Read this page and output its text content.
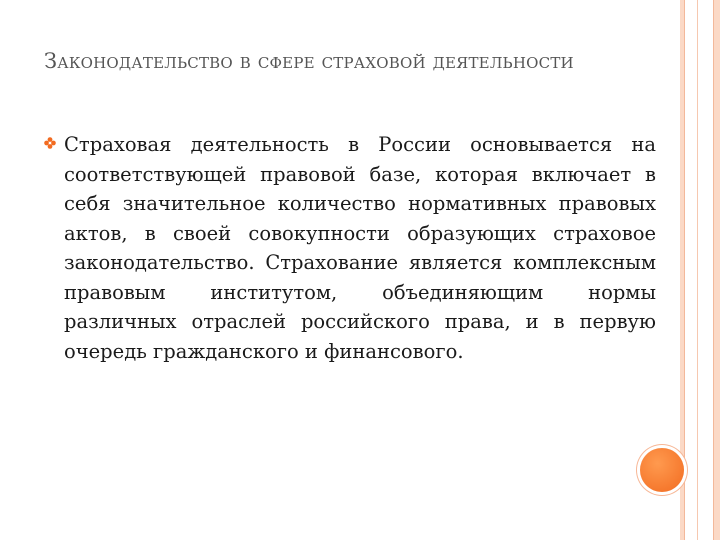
Законодательство в сфере страховой деятельности
Страховая деятельность в России основывается на соответствующей правовой базе, которая включает в себя значительное количество нормативных правовых актов, в своей совокупности образующих страховое законодательство. Страхование является комплексным правовым институтом, объединяющим нормы различных отраслей российского права, и в первую очередь гражданского и финансового.
